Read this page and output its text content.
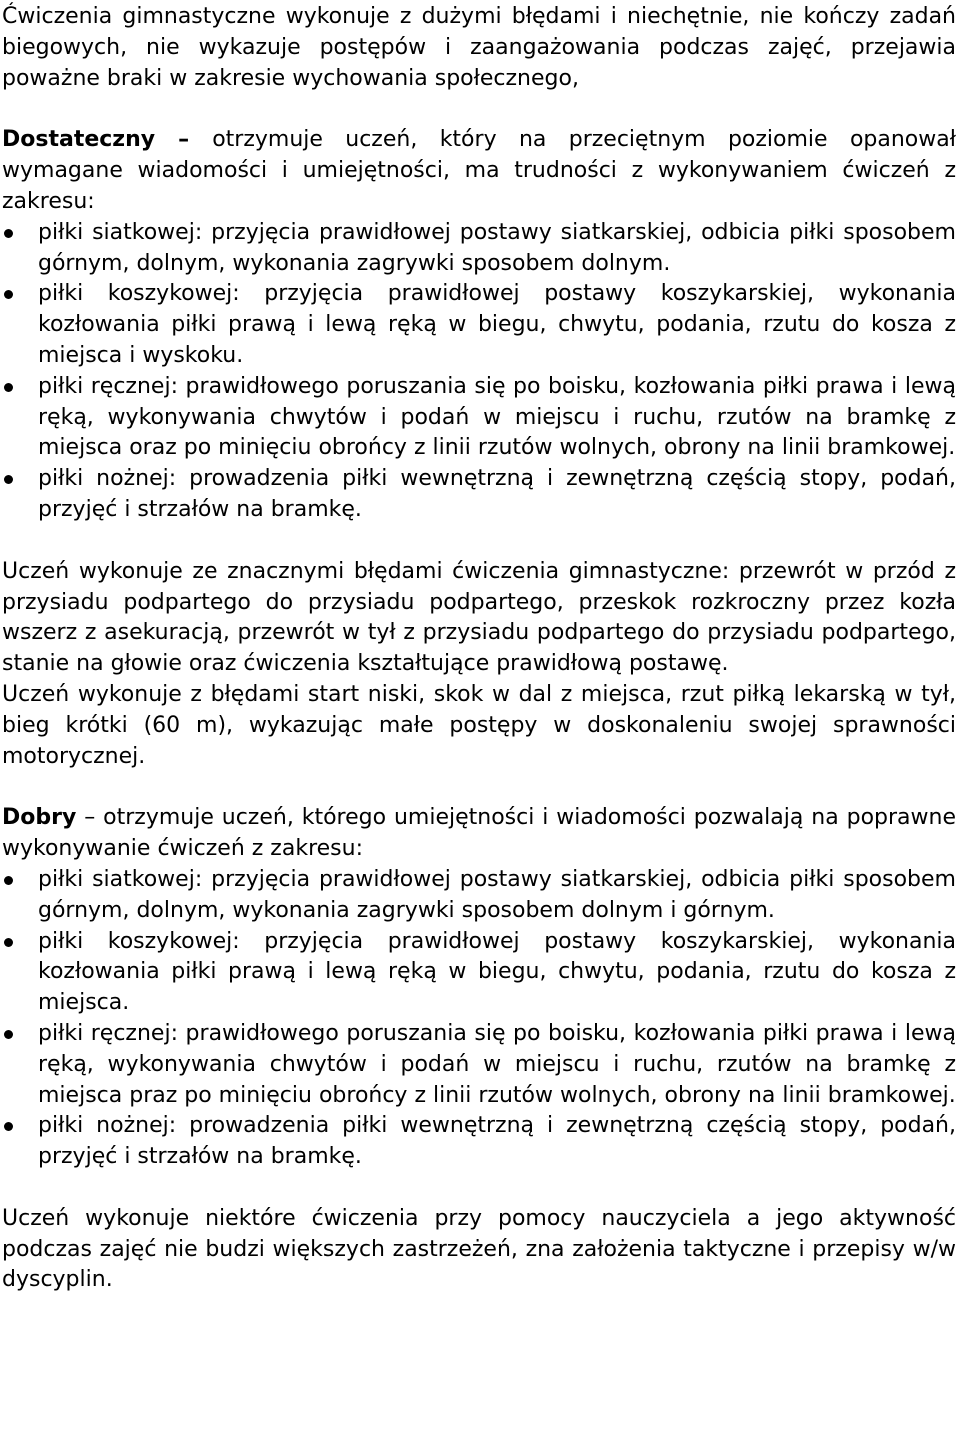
Ćwiczenia gimnastyczne wykonuje z dużymi błędami i niechętnie, nie kończy zadań biegowych, nie wykazuje postępów i zaangażowania podczas zajęć, przejawia poważne braki w zakresie wychowania społecznego,

Dostateczny – otrzymuje uczeń, który na przeciętnym poziomie opanował wymagane wiadomości i umiejętności, ma trudności z wykonywaniem ćwiczeń z zakresu:

piłki siatkowej: przyjęcia prawidłowej postawy siatkarskiej, odbicia piłki sposobem górnym, dolnym, wykonania zagrywki sposobem dolnym.
piłki koszykowej: przyjęcia prawidłowej postawy koszykarskiej, wykonania kozłowania piłki prawą i lewą ręką w biegu, chwytu, podania, rzutu do kosza z miejsca i wyskoku.
piłki ręcznej: prawidłowego poruszania się po boisku, kozłowania piłki prawa i lewą ręką, wykonywania chwytów i podań w miejscu i ruchu, rzutów na bramkę z miejsca oraz po minięciu obrońcy z linii rzutów wolnych, obrony na linii bramkowej.
piłki nożnej: prowadzenia piłki wewnętrzną i zewnętrzną częścią stopy, podań, przyjęć i strzałów na bramkę.

Uczeń wykonuje ze znacznymi błędami ćwiczenia gimnastyczne: przewrót w przód z przysiadu podpartego do przysiadu podpartego, przeskok rozkroczny przez kozła wszerz z asekuracją, przewrót w tył z przysiadu podpartego do przysiadu podpartego, stanie na głowie oraz ćwiczenia kształtujące prawidłową postawę.

Uczeń wykonuje z błędami start niski, skok w dal z miejsca, rzut piłką lekarską w tył, bieg krótki (60 m), wykazując małe postępy w doskonaleniu swojej sprawności motorycznej.

Dobry – otrzymuje uczeń, którego umiejętności i wiadomości pozwalają na poprawne wykonywanie ćwiczeń z zakresu:

piłki siatkowej: przyjęcia prawidłowej postawy siatkarskiej, odbicia piłki sposobem górnym, dolnym, wykonania zagrywki sposobem dolnym i górnym.
piłki koszykowej: przyjęcia prawidłowej postawy koszykarskiej, wykonania kozłowania piłki prawą i lewą ręką w biegu, chwytu, podania, rzutu do kosza z miejsca.
piłki ręcznej: prawidłowego poruszania się po boisku, kozłowania piłki prawa i lewą ręką, wykonywania chwytów i podań w miejscu i ruchu, rzutów na bramkę z miejsca praz po minięciu obrońcy z linii rzutów wolnych, obrony na linii bramkowej.
piłki nożnej: prowadzenia piłki wewnętrzną i zewnętrzną częścią stopy, podań, przyjęć i strzałów na bramkę.

Uczeń wykonuje niektóre ćwiczenia przy pomocy nauczyciela a jego aktywność podczas zajęć nie budzi większych zastrzeżeń, zna założenia taktyczne i przepisy w/w dyscyplin.
